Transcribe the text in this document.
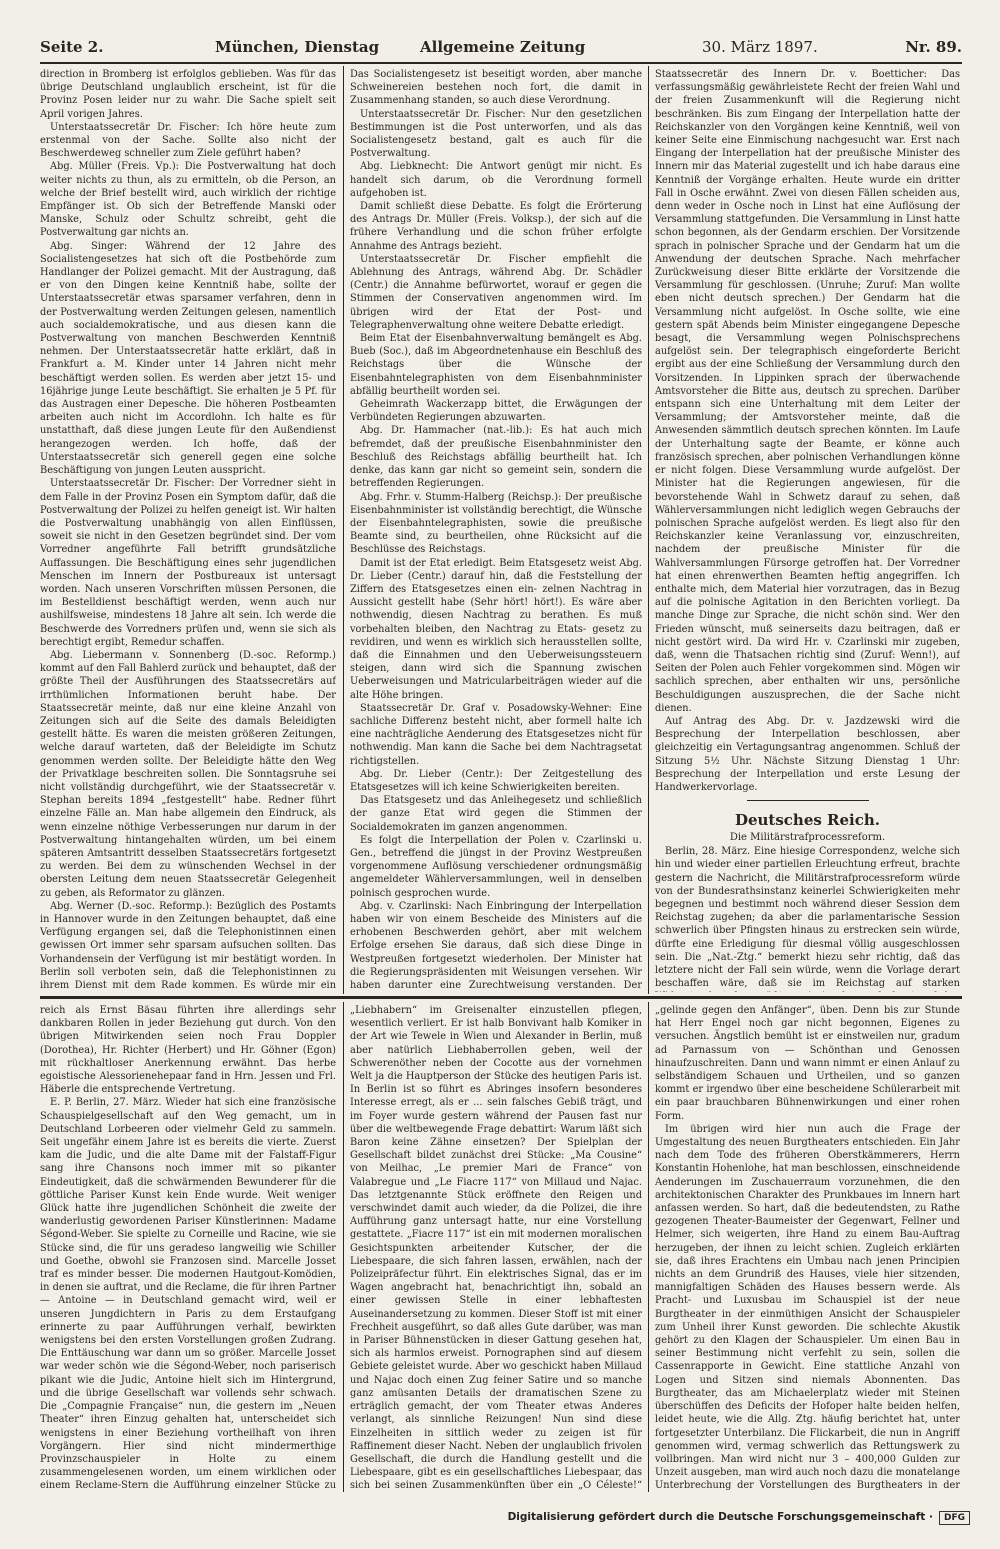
Seite 2.	München, Dienstag	Allgemeine Zeitung	30. März 1897.	Nr. 89.

direction in Bromberg ist erfolglos geblieben. Was für das übrige Deutschland unglaublich erscheint, ist für die Provinz Posen leider nur zu wahr. Die Sache spielt seit April vorigen Jahres.

Unterstaatssecretär Dr. Fischer: Ich höre heute zum erstenmal von der Sache. Sollte also nicht der Beschwerdeweg schneller zum Ziele geführt haben?

Abg. Müller (Freis. Vp.): Die Postverwaltung hat doch weiter nichts zu thun, als zu ermitteln, ob die Person, an welche der Brief bestellt wird, auch wirklich der richtige Empfänger ist. Ob sich der Betreffende Manski oder Manske, Schulz oder Schultz schreibt, geht die Postverwaltung gar nichts an.

Abg. Singer: Während der 12 Jahre des Socialistengesetzes hat sich oft die Postbehörde zum Handlanger der Polizei gemacht. Mit der Austragung, daß er von den Dingen keine Kenntniß habe, sollte der Unterstaatssecretär etwas sparsamer verfahren, denn in der Postverwaltung werden Zeitungen gelesen, namentlich auch socialdemokratische, und aus diesen kann die Postverwaltung von manchen Beschwerden Kenntniß nehmen. Der Unterstaatssecretär hatte erklärt, daß in Frankfurt a. M. Kinder unter 14 Jahren nicht mehr beschäftigt werden sollen. Es werden aber jetzt 15- und 16jährige junge Leute beschäftigt. Sie erhalten je 5 Pf. für das Austragen einer Depesche. Die höheren Postbeamten arbeiten auch nicht im Accordlohn. Ich halte es für unstatthaft, daß diese jungen Leute für den Außendienst herangezogen werden. Ich hoffe, daß der Unterstaatssecretär sich generell gegen eine solche Beschäftigung von jungen Leuten ausspricht.

Unterstaatssecretär Dr. Fischer: Der Vorredner sieht in dem Falle in der Provinz Posen ein Symptom dafür, daß die Postverwaltung der Polizei zu helfen geneigt ist. Wir halten die Postverwaltung unabhängig von allen Einflüssen, soweit sie nicht in den Gesetzen begründet sind. Der vom Vorredner angeführte Fall betrifft grundsätzliche Auffassungen. Die Beschäftigung eines sehr jugendlichen Menschen im Innern der Postbureaux ist untersagt worden. Nach unseren Vorschriften müssen Personen, die im Bestelldienst beschäftigt werden, wenn auch nur aushilfsweise, mindestens 18 Jahre alt sein. Ich werde die Beschwerde des Vorredners prüfen und, wenn sie sich als berechtigt ergibt, Remedur schaffen.

Abg. Liebermann v. Sonnenberg (D.-soc. Reformp.) kommt auf den Fall Bahlerd zurück und behauptet, daß der größte Theil der Ausführungen des Staatssecretärs auf irrthümlichen Informationen beruht habe. Der Staatssecretär meinte, daß nur eine kleine Anzahl von Zeitungen sich auf die Seite des damals Beleidigten gestellt hätte. Es waren die meisten größeren Zeitungen, welche darauf warteten, daß der Beleidigte im Schutz genommen werden sollte. Der Beleidigte hätte den Weg der Privatklage beschreiten sollen. Die Sonntagsruhe sei nicht vollständig durchgeführt, wie der Staatssecretär v. Stephan bereits 1894 „festgestellt“ habe. Redner führt einzelne Fälle an. Man habe allgemein den Eindruck, als wenn einzelne nöthige Verbesserungen nur darum in der Postverwaltung hintangehalten würden, um bei einem späteren Amtsantritt desselben Staatssecretärs fortgesetzt zu werden. Bei dem zu wünschenden Wechsel in der obersten Leitung dem neuen Staatssecretär Gelegenheit zu geben, als Reformator zu glänzen.

Abg. Werner (D.-soc. Reformp.): Bezüglich des Postamts in Hannover wurde in den Zeitungen behauptet, daß eine Verfügung ergangen sei, daß die Telephonistinnen einen gewissen Ort immer sehr sparsam aufsuchen sollten. Das Vorhandensein der Verfügung ist mir bestätigt worden. In Berlin soll verboten sein, daß die Telephonistinnen zu ihrem Dienst mit dem Rade kommen. Es würde mir ein

Das Socialistengesetz ist beseitigt worden, aber manche Schweinereien bestehen noch fort, die damit in Zusammenhang standen, so auch diese Verordnung.

Unterstaatssecretär Dr. Fischer: Nur den gesetzlichen Bestimmungen ist die Post unterworfen, und als das Socialistengesetz bestand, galt es auch für die Postverwaltung.

Abg. Liebknecht: Die Antwort genügt mir nicht. Es handelt sich darum, ob die Verordnung formell aufgehoben ist.

Damit schließt diese Debatte. Es folgt die Erörterung des Antrags Dr. Müller (Freis. Volksp.), der sich auf die frühere Verhandlung und die schon früher erfolgte Annahme des Antrags bezieht.

Unterstaatssecretär Dr. Fischer empfiehlt die Ablehnung des Antrags, während Abg. Dr. Schädler (Centr.) die Annahme befürwortet, worauf er gegen die Stimmen der Conservativen angenommen wird. Im übrigen wird der Etat der Post- und Telegraphenverwaltung ohne weitere Debatte erledigt.

Beim Etat der Eisenbahnverwaltung bemängelt es Abg. Bueb (Soc.), daß im Abgeordnetenhause ein Beschluß des Reichstags über die Wünsche der Eisenbahntelegraphisten von dem Eisenbahnminister abfällig beurtheilt worden sei.

Geheimrath Wackerzapp bittet, die Erwägungen der Verbündeten Regierungen abzuwarten.

Abg. Dr. Hammacher (nat.-lib.): Es hat auch mich befremdet, daß der preußische Eisenbahnminister den Beschluß des Reichstags abfällig beurtheilt hat. Ich denke, das kann gar nicht so gemeint sein, sondern die betreffenden Regierungen.

Abg. Frhr. v. Stumm-Halberg (Reichsp.): Der preußische Eisenbahnminister ist vollständig berechtigt, die Wünsche der Eisenbahntelegraphisten, sowie die preußische Beamte sind, zu beurtheilen, ohne Rücksicht auf die Beschlüsse des Reichstags.

Damit ist der Etat erledigt. Beim Etatsgesetz weist Abg. Dr. Lieber (Centr.) darauf hin, daß die Feststellung der Ziffern des Etatsgesetzes einen ein- zelnen Nachtrag in Aussicht gestellt habe (Sehr hört! hört!). Es wäre aber nothwendig, diesen Nachtrag zu berathen. Es muß vorbehalten bleiben, den Nachtrag zu Etats- gesetz zu revidiren, und wenn es wirklich sich herausstellen sollte, daß die Einnahmen und den Ueberweisungssteuern steigen, dann wird sich die Spannung zwischen Ueberweisungen und Matricularbeiträgen wieder auf die alte Höhe bringen.

Staatssecretär Dr. Graf v. Posadowsky-Wehner: Eine sachliche Differenz besteht nicht, aber formell halte ich eine nachträgliche Aenderung des Etatsgesetzes nicht für nothwendig. Man kann die Sache bei dem Nachtragsetat richtigstellen.

Abg. Dr. Lieber (Centr.): Der Zeitgestellung des Etatsgesetzes will ich keine Schwierigkeiten bereiten.

Das Etatsgesetz und das Anleihegesetz und schließlich der ganze Etat wird gegen die Stimmen der Socialdemokraten im ganzen angenommen.

Es folgt die Interpellation der Polen v. Czarlinski u. Gen., betreffend die jüngst in der Provinz Westpreußen vorgenommene Auflösung verschiedener ordnungsmäßig angemeldeter Wählerversammlungen, weil in denselben polnisch gesprochen wurde.

Abg. v. Czarlinski: Nach Einbringung der Interpellation haben wir von einem Bescheide des Ministers auf die erhobenen Beschwerden gehört, aber mit welchem Erfolge ersehen Sie daraus, daß sich diese Dinge in Westpreußen fortgesetzt wiederholen. Der Minister hat die Regierungspräsidenten mit Weisungen versehen. Wir haben darunter eine Zurechtweisung verstanden. Der

Staatssecretär des Innern Dr. v. Boetticher: Das verfassungsmäßig gewährleistete Recht der freien Wahl und der freien Zusammenkunft will die Regierung nicht beschränken. Bis zum Eingang der Interpellation hatte der Reichskanzler von den Vorgängen keine Kenntniß, weil von keiner Seite eine Einmischung nachgesucht war. Erst nach Eingang der Interpellation hat der preußische Minister des Innern mir das Material zugestellt und ich habe daraus eine Kenntniß der Vorgänge erhalten. Heute wurde ein dritter Fall in Osche erwähnt. Zwei von diesen Fällen scheiden aus, denn weder in Osche noch in Linst hat eine Auflösung der Versammlung stattgefunden. Die Versammlung in Linst hatte schon begonnen, als der Gendarm erschien. Der Vorsitzende sprach in polnischer Sprache und der Gendarm hat um die Anwendung der deutschen Sprache. Nach mehrfacher Zurückweisung dieser Bitte erklärte der Vorsitzende die Versammlung für geschlossen. (Unruhe; Zuruf: Man wollte eben nicht deutsch sprechen.) Der Gendarm hat die Versammlung nicht aufgelöst. In Osche sollte, wie eine gestern spät Abends beim Minister eingegangene Depesche besagt, die Versammlung wegen Polnischsprechens aufgelöst sein. Der telegraphisch eingeforderte Bericht ergibt aus der eine Schließung der Versammlung durch den Vorsitzenden. In Lippinken sprach der überwachende Amtsvorsteher die Bitte aus, deutsch zu sprechen. Darüber entspann sich eine Unterhaltung mit dem Leiter der Versammlung; der Amtsvorsteher meinte, daß die Anwesenden sämmtlich deutsch sprechen könnten. Im Laufe der Unterhaltung sagte der Beamte, er könne auch französisch sprechen, aber polnischen Verhandlungen könne er nicht folgen. Diese Versammlung wurde aufgelöst. Der Minister hat die Regierungen angewiesen, für die bevorstehende Wahl in Schwetz darauf zu sehen, daß Wählerversammlungen nicht lediglich wegen Gebrauchs der polnischen Sprache aufgelöst werden. Es liegt also für den Reichskanzler keine Veranlassung vor, einzuschreiten, nachdem der preußische Minister für die Wahlversammlungen Fürsorge getroffen hat. Der Vorredner hat einen ehrenwerthen Beamten heftig angegriffen. Ich enthalte mich, dem Material hier vorzutragen, das in Bezug auf die polnische Agitation in den Berichten vorliegt. Da manche Dinge zur Sprache, die nicht schön sind. Wer den Frieden wünscht, muß seinerseits dazu beitragen, daß er nicht gestört wird. Da wird Hr. v. Czarlinski mir zugeben, daß, wenn die Thatsachen richtig sind (Zuruf: Wenn!), auf Seiten der Polen auch Fehler vorgekommen sind. Mögen wir sachlich sprechen, aber enthalten wir uns, persönliche Beschuldigungen auszusprechen, die der Sache nicht dienen.

Auf Antrag des Abg. Dr. v. Jazdzewski wird die Besprechung der Interpellation beschlossen, aber gleichzeitig ein Vertagungsantrag angenommen. Schluß der Sitzung 5½ Uhr. Nächste Sitzung Dienstag 1 Uhr: Besprechung der Interpellation und erste Lesung der Handwerkervorlage.

Deutsches Reich.

Die Militärstrafprocessreform.

Berlin, 28. März. Eine hiesige Correspondenz, welche sich hin und wieder einer partiellen Erleuchtung erfreut, brachte gestern die Nachricht, die Militärstrafprocessreform würde von der Bundesrathsinstanz keinerlei Schwierigkeiten mehr begegnen und bestimmt noch während dieser Session dem Reichstag zugehen; da aber die parlamentarische Session schwerlich über Pfingsten hinaus zu erstrecken sein würde, dürfte eine Erledigung für diesmal völlig ausgeschlossen sein. Die „Nat.-Ztg.“ bemerkt hiezu sehr richtig, daß das letztere nicht der Fall sein würde, wenn die Vorlage derart beschaffen wäre, daß sie im Reichstag auf starken

reich als Ernst Bäsau führten ihre allerdings sehr dankbaren Rollen in jeder Beziehung gut durch. Von den übrigen Mitwirkenden seien noch Frau Doppler (Dorothea), Hr. Richter (Herbert) und Hr. Göhner (Egon) mit rückhaltloser Anerkennung erwähnt. Das herbe egoistische Alessorienehepaar fand in Hrn. Jessen und Frl. Häberle die entsprechende Vertretung.

E. P. Berlin, 27. März. Wieder hat sich eine französische Schauspielgesellschaft auf den Weg gemacht, um in Deutschland Lorbeeren oder vielmehr Geld zu sammeln. Seit ungefähr einem Jahre ist es bereits die vierte. Zuerst kam die Judic, und die alte Dame mit der Falstaff-Figur sang ihre Chansons noch immer mit so pikanter Eindeutigkeit, daß die schwärmenden Bewunderer für die göttliche Pariser Kunst kein Ende wurde. Weit weniger Glück hatte ihre jugendlichen Schönheit die zweite der wanderlustig gewordenen Pariser Künstlerinnen: Madame Ségond-Weber. Sie spielte zu Corneille und Racine, wie sie Stücke sind, die für uns geradeso langweilig wie Schiller und Goethe, obwohl sie Franzosen sind. Marcelle Josset traf es minder besser. Die modernen Hautgout-Komödien, in denen sie auftrat, und die Reclame, die für ihren Partner — Antoine — in Deutschland gemacht wird, weil er unseren Jungdichtern in Paris zu dem Erstaufgang erinnerte zu paar Aufführungen verhalf, bewirkten wenigstens bei den ersten Vorstellungen großen Zudrang. Die Enttäuschung war dann um so größer. Marcelle Josset war weder schön wie die Ségond-Weber, noch pariserisch pikant wie die Judic, Antoine hielt sich im Hintergrund, und die übrige Gesellschaft war vollends sehr schwach. Die „Compagnie Française“ nun, die gestern im „Neuen Theater“ ihren Einzug gehalten hat, unterscheidet sich wenigstens in einer Beziehung vortheilhaft von ihren Vorgängern. Hier sind nicht mindermerthige Provinzschauspieler in Holte zu einem zusammengelesenen worden, um einem wirklichen oder einem Reclame-Stern die Aufführung einzelner Stücke zu

„Liebhabern“ im Greisenalter einzustellen pflegen, wesentlich verliert. Er ist halb Bonvivant halb Komiker in der Art wie Tewele in Wien und Alexander in Berlin, muß aber natürlich Liebhaberrollen geben, weil der Schwerenöther neben der Cocotte aus der vornehmen Welt ja die Hauptperson der Stücke des heutigen Paris ist. In Berlin ist so führt es Abringes insofern besonderes Interesse erregt, als er ... sein falsches Gebiß trägt, und im Foyer wurde gestern während der Pausen fast nur über die weltbewegende Frage debattirt: Warum läßt sich Baron keine Zähne einsetzen? Der Spielplan der Gesellschaft bildet zunächst drei Stücke: „Ma Cousine“ von Meilhac, „Le premier Mari de France“ von Valabregue und „Le Fiacre 117“ von Millaud und Najac. Das letztgenannte Stück eröffnete den Reigen und verschwindet damit auch wieder, da die Polizei, die ihre Aufführung ganz untersagt hatte, nur eine Vorstellung gestattete. „Fiacre 117“ ist ein mit modernen moralischen Gesichtspunkten arbeitender Kutscher, der die Liebespaare, die sich fahren lassen, erwählen, nach der Polizeipräfectur führt. Ein elektrisches Signal, das er im Wagen angebracht hat, benachrichtigt ihn, sobald an einer gewissen Stelle in einer lebhaftesten Auseinandersetzung zu kommen. Dieser Stoff ist mit einer Frechheit ausgeführt, so daß alles Gute darüber, was man in Pariser Bühnenstücken in dieser Gattung gesehen hat, sich als harmlos erweist. Pornographen sind auf diesem Gebiete geleistet wurde. Aber wo geschickt haben Millaud und Najac doch einen Zug feiner Satire und so manche ganz amüsanten Details der dramatischen Szene zu erträglich gemacht, der vom Theater etwas Anderes verlangt, als sinnliche Reizungen! Nun sind diese Einzelheiten in sittlich weder zu zeigen ist für Raffinement dieser Nacht. Neben der unglaublich frivolen Gesellschaft, die durch die Handlung gestellt und die Liebespaare, gibt es ein gesellschaftliches Liebespaar, das sich bei seinen Zusammenkünften über ein „O Céleste!“

„gelinde gegen den Anfänger“, üben. Denn bis zur Stunde hat Herr Engel noch gar nicht begonnen, Eigenes zu versuchen. Ängstlich bemüht ist er einstweilen nur, gradum ad Parnassum von — Schönthan und Genossen hinaufzuschreiten. Dann und wann nimmt er einen Anlauf zu selbständigem Schauen und Urtheilen, und so ganzen kommt er irgendwo über eine bescheidene Schülerarbeit mit ein paar brauchbaren Bühnenwirkungen und einer rohen Form.

Im übrigen wird hier nun auch die Frage der Umgestaltung des neuen Burgtheaters entschieden. Ein Jahr nach dem Tode des früheren Oberstkämmerers, Herrn Konstantin Hohenlohe, hat man beschlossen, einschneidende Aenderungen im Zuschauerraum vorzunehmen, die den architektonischen Charakter des Prunkbaues im Innern hart anfassen werden. So hart, daß die bedeutendsten, zu Rathe gezogenen Theater-Baumeister der Gegenwart, Fellner und Helmer, sich weigerten, ihre Hand zu einem Bau-Auftrag herzugeben, der ihnen zu leicht schien. Zugleich erklärten sie, daß ihres Erachtens ein Umbau nach jenen Principien nichts an dem Grundriß des Hauses, viele hier sitzenden, mannigfaltigen Schäden des Hauses bessern werde. Als Pracht- und Luxusbau im Schauspiel ist der neue Burgtheater in der einmüthigen Ansicht der Schauspieler zum Unheil ihrer Kunst geworden. Die schlechte Akustik gehört zu den Klagen der Schauspieler. Um einen Bau in seiner Bestimmung nicht verfehlt zu sein, sollen die Cassenrapporte in Gewicht. Eine stattliche Anzahl von Logen und Sitzen sind niemals Abonnenten. Das Burgtheater, das am Michaelerplatz wieder mit Steinen überschüffen des Deficits der Hofoper halte beiden helfen, leidet heute, wie die Allg. Ztg. häufig berichtet hat, unter fortgesetzter Unterbilanz. Die Flickarbeit, die nun in Angriff genommen wird, vermag schwerlich das Rettungswerk zu vollbringen. Man wird nicht nur 3 – 400,000 Gulden zur Unzeit ausgeben, man wird auch noch dazu die monatelange Unterbrechung der Vorstellungen des Burgtheaters in der

Digitalisierung gefördert durch die Deutsche Forschungsgemeinschaft · DFG
